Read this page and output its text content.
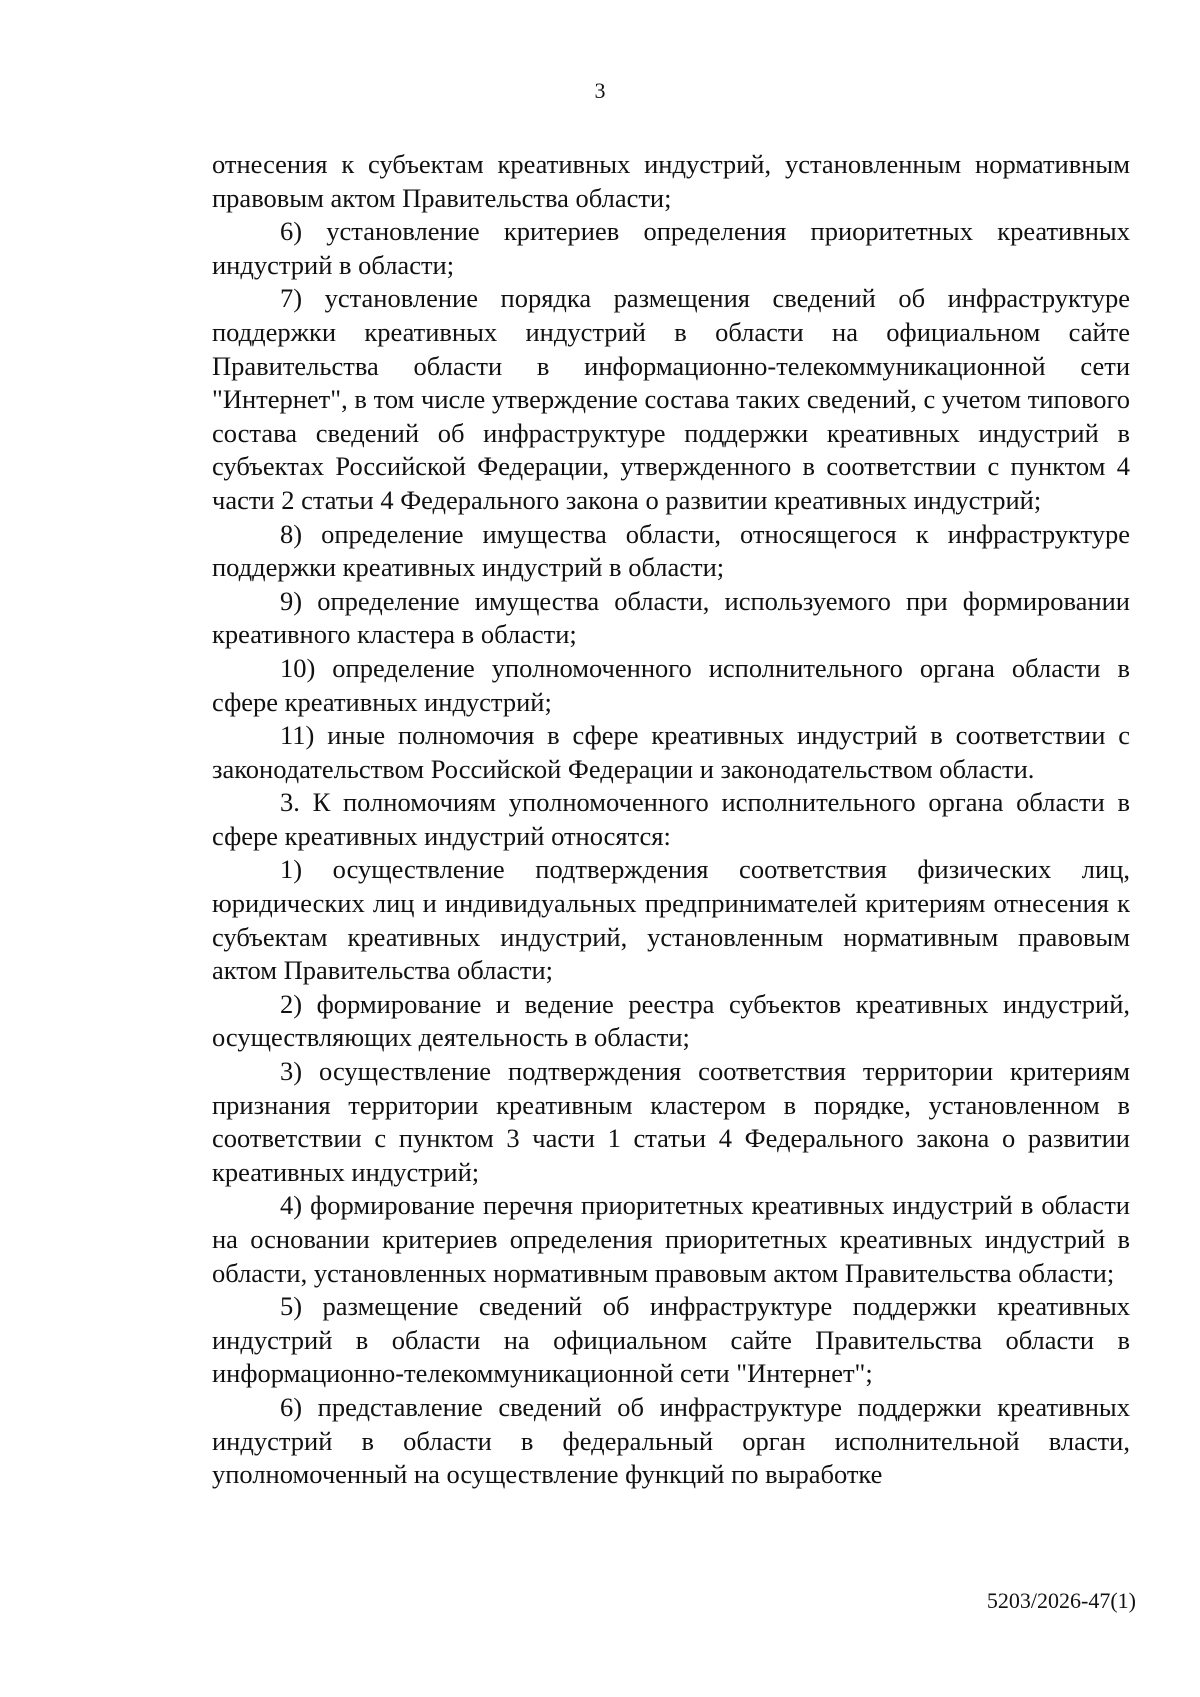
3

отнесения к субъектам креативных индустрий, установленным нормативным правовым актом Правительства области;

6) установление критериев определения приоритетных креативных индустрий в области;

7) установление порядка размещения сведений об инфраструктуре поддержки креативных индустрий в области на официальном сайте Правительства области в информационно-телекоммуникационной сети "Интернет", в том числе утверждение состава таких сведений, с учетом типового состава сведений об инфраструктуре поддержки креативных индустрий в субъектах Российской Федерации, утвержденного в соответствии с пунктом 4 части 2 статьи 4 Федерального закона о развитии креативных индустрий;

8) определение имущества области, относящегося к инфраструктуре поддержки креативных индустрий в области;

9) определение имущества области, используемого при формировании креативного кластера в области;

10) определение уполномоченного исполнительного органа области в сфере креативных индустрий;

11) иные полномочия в сфере креативных индустрий в соответствии с законодательством Российской Федерации и законодательством области.

3. К полномочиям уполномоченного исполнительного органа области в сфере креативных индустрий относятся:

1) осуществление подтверждения соответствия физических лиц, юридических лиц и индивидуальных предпринимателей критериям отнесения к субъектам креативных индустрий, установленным нормативным правовым актом Правительства области;

2) формирование и ведение реестра субъектов креативных индустрий, осуществляющих деятельность в области;

3) осуществление подтверждения соответствия территории критериям признания территории креативным кластером в порядке, установленном в соответствии с пунктом 3 части 1 статьи 4 Федерального закона о развитии креативных индустрий;

4) формирование перечня приоритетных креативных индустрий в области на основании критериев определения приоритетных креативных индустрий в области, установленных нормативным правовым актом Правительства области;

5) размещение сведений об инфраструктуре поддержки креативных индустрий в области на официальном сайте Правительства области в информационно-телекоммуникационной сети "Интернет";

6) представление сведений об инфраструктуре поддержки креативных индустрий в области в федеральный орган исполнительной власти, уполномоченный на осуществление функций по выработке

5203/2026-47(1)
